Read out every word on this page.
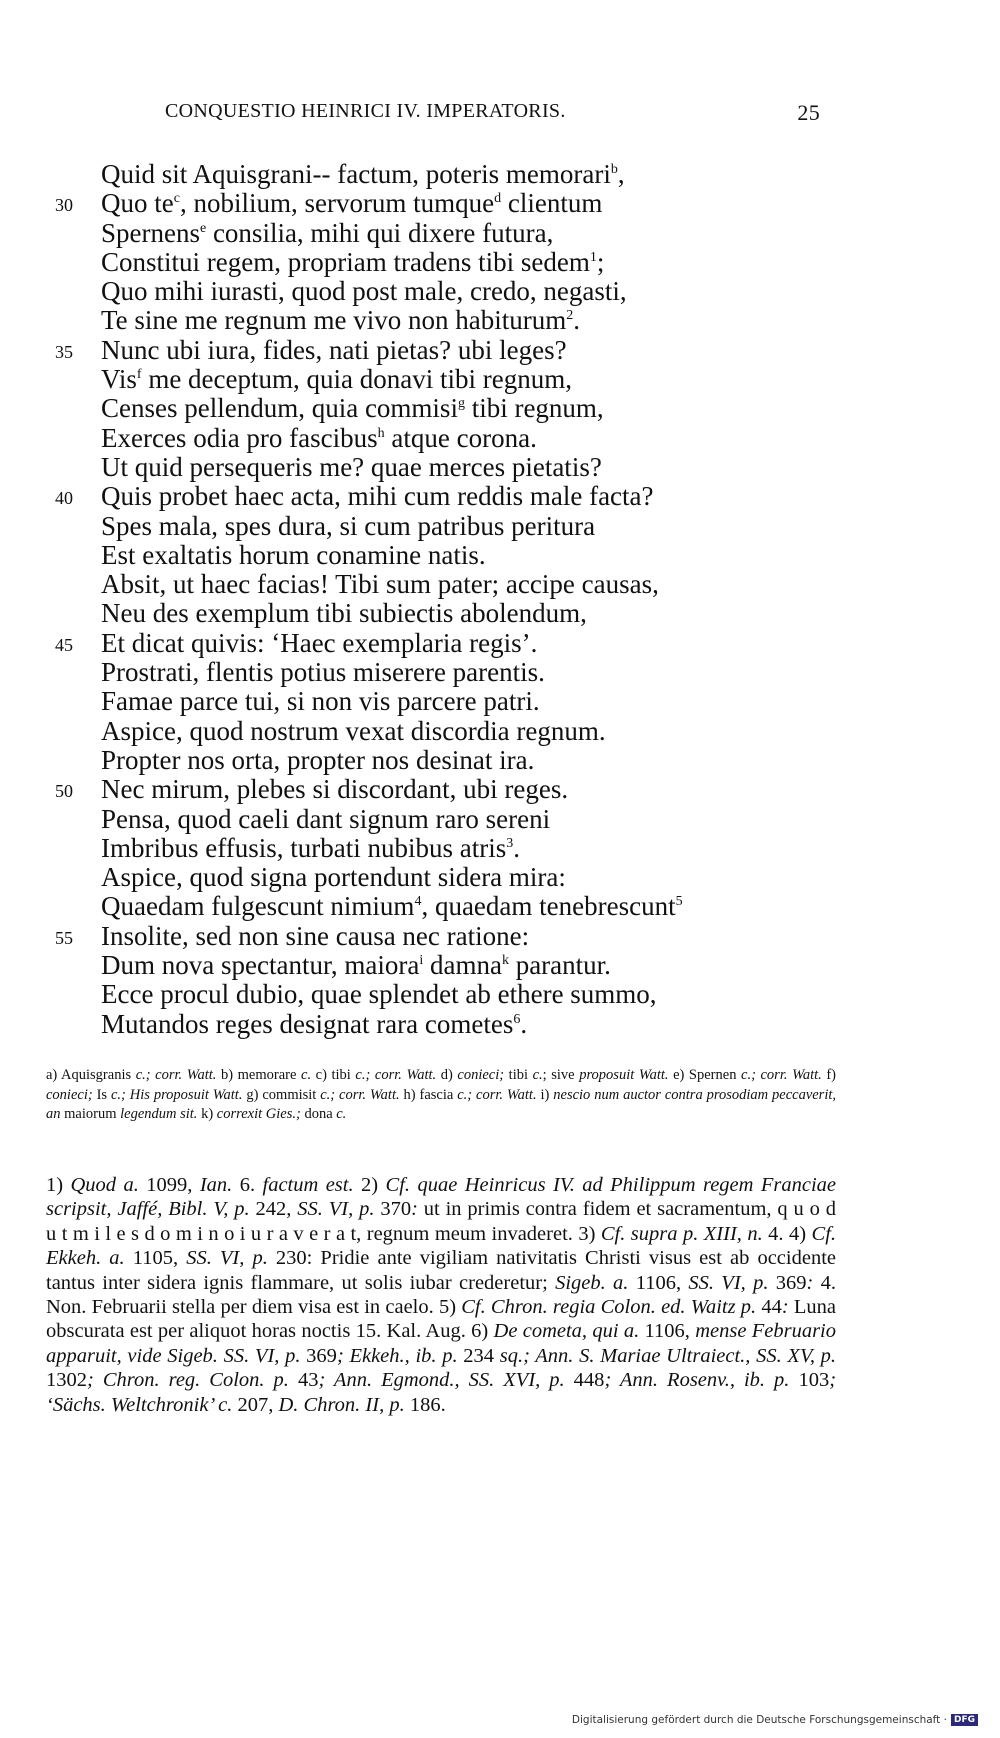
CONQUESTIO HEINRICI IV. IMPERATORIS.	25
Quid sit Aquisgrani-- factum, poteris memorari$^b$,
30	Quo $te^c$, nobilium, servorum tumque$^d$ clientum
Spernens$^e$ consilia, mihi qui dixere futura,
Constitui regem, propriam tradens tibi sedem$^1$;
Quo mihi iurasti, quod post male, credo, negasti,
Te sine me regnum me vivo non habiturum$^2$.
35	Nunc ubi iura, fides, nati pietas? ubi leges?
Vis$^f$ me deceptum, quia donavi tibi regnum,
Censes pellendum, quia commisi$^g$ tibi regnum,
Exerces odia pro fascibus$^h$ atque corona.
Ut quid persequeris me? quae merces pietatis?
40	Quis probet haec acta, mihi cum reddis male facta?
Spes mala, spes dura, si cum patribus peritura
Est exaltatis horum conamine natis.
Absit, ut haec facias! Tibi sum pater; accipe causas,
Neu des exemplum tibi subiectis abolendum,
45	Et dicat quivis: ‘Haec exemplaria regis’.
Prostrati, flentis potius miserere parentis.
Famae parce tui, si non vis parcere patri.
Aspice, quod nostrum vexat discordia regnum.
Propter nos orta, propter nos desinat ira.
50	Nec mirum, plebes si discordant, ubi reges.
Pensa, quod caeli dant signum raro sereni
Imbribus effusis, turbati nubibus atris$^3$.
Aspice, quod signa portendunt sidera mira:
Quaedam fulgescunt nimium$^4$, quaedam tenebrescunt$^5$
55	Insolite, sed non sine causa nec ratione:
Dum nova spectantur, maiora$^i$ damna$^k$ parantur.
Ecce procul dubio, quae splendet ab ethere summo,
Mutandos reges designat rara cometes$^6$.
a) Aquisgranis c.; corr. Watt. b) memorare c. c) tibi c.; corr. Watt. d) conieci; tibi c.; sive proposuit Watt. e) Spernen c.; corr. Watt. f) conieci; Is c.; His proposuit Watt. g) commisit c.; corr. Watt. h) fascia c.; corr. Watt. i) nescio num auctor contra prosodiam peccaverit, an maiorum legendum sit. k) correxit Gies.; dona c.
1) Quod a. 1099, Ian. 6. factum est. 2) Cf. quae Heinricus IV. ad Philippum regem Franciae scripsit, Jaffé, Bibl. V, p. 242, SS. VI, p. 370: ut in primis contra fidem et sacramentum, q u o d u t m i l e s d o m i n o i u r a v e r a t, regnum meum invaderet. 3) Cf. supra p. XIII, n. 4. 4) Cf. Ekkeh. a. 1105, SS. VI, p. 230: Pridie ante vigiliam nativitatis Christi visus est ab occidente tantus inter sidera ignis flammare, ut solis iubar crederetur; Sigeb. a. 1106, SS. VI, p. 369: 4. Non. Februarii stella per diem visa est in caelo. 5) Cf. Chron. regia Colon. ed. Waitz p. 44: Luna obscurata est per aliquot horas noctis 15. Kal. Aug. 6) De cometa, qui a. 1106, mense Februario apparuit, vide Sigeb. SS. VI, p. 369; Ekkeh., ib. p. 234 sq.; Ann. S. Mariae Ultraiect., SS. XV, p. 1302; Chron. reg. Colon. p. 43; Ann. Egmond., SS. XVI, p. 448; Ann. Rosenv., ib. p. 103; ‘Sächs. Weltchronik’ c. 207, D. Chron. II, p. 186.
Digitalisierung gefördert durch die Deutsche Forschungsgemeinschaft · DFG
